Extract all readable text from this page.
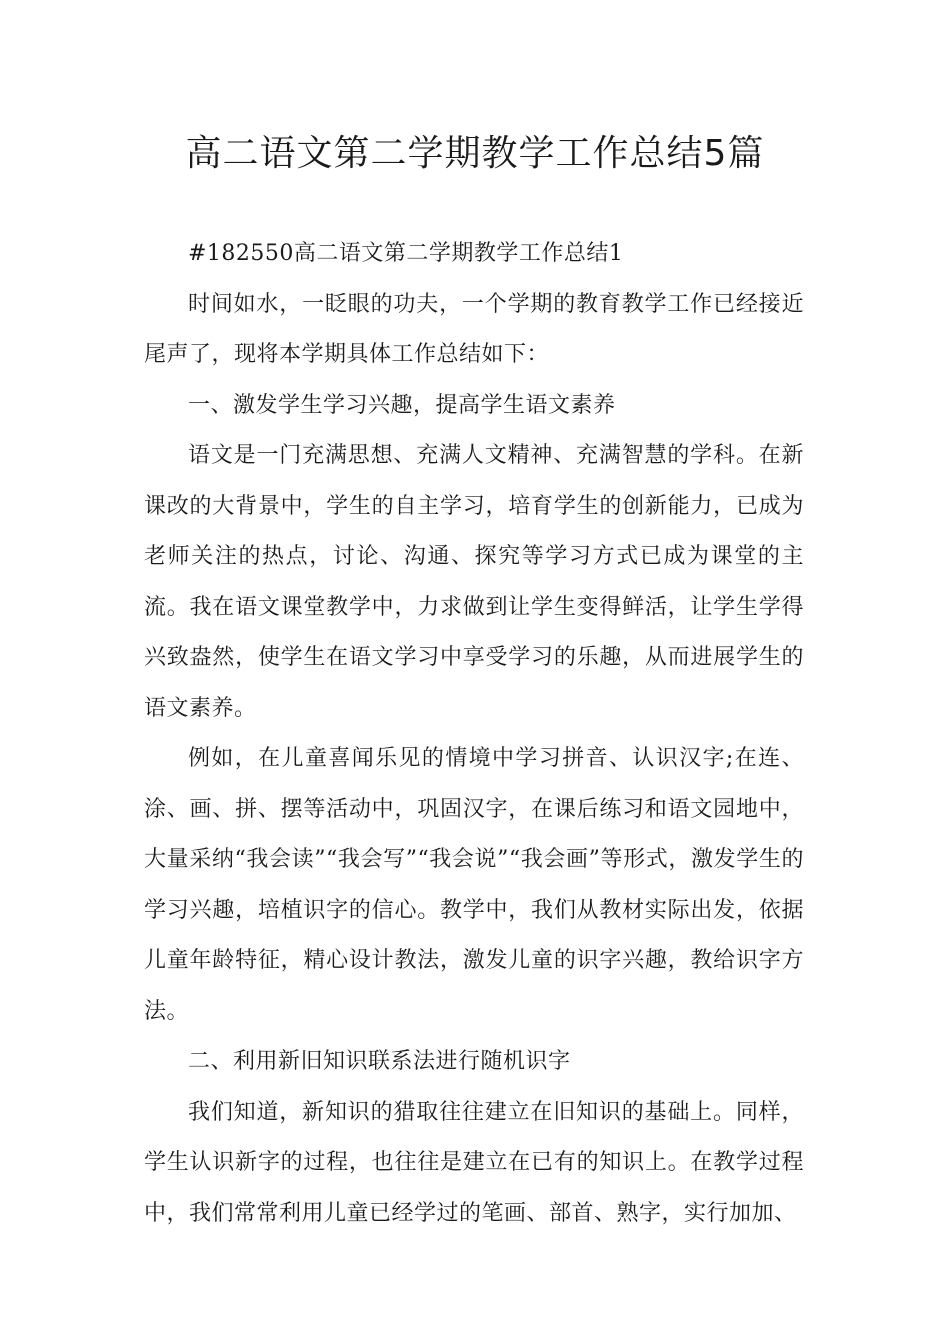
高二语文第二学期教学工作总结5篇

#182550高二语文第二学期教学工作总结1

时间如水，一眨眼的功夫，一个学期的教育教学工作已经接近尾声了，现将本学期具体工作总结如下：

一、激发学生学习兴趣，提高学生语文素养

语文是一门充满思想、充满人文精神、充满智慧的学科。在新课改的大背景中，学生的自主学习，培育学生的创新能力，已成为老师关注的热点，讨论、沟通、探究等学习方式已成为课堂的主流。我在语文课堂教学中，力求做到让学生变得鲜活，让学生学得兴致盎然，使学生在语文学习中享受学习的乐趣，从而进展学生的语文素养。

例如，在儿童喜闻乐见的情境中学习拼音、认识汉字;在连、涂、画、拼、摆等活动中，巩固汉字，在课后练习和语文园地中，大量采纳“我会读”“我会写”“我会说”“我会画”等形式，激发学生的学习兴趣，培植识字的信心。教学中，我们从教材实际出发，依据儿童年龄特征，精心设计教法，激发儿童的识字兴趣，教给识字方法。

二、利用新旧知识联系法进行随机识字

我们知道，新知识的猎取往往建立在旧知识的基础上。同样，学生认识新字的过程，也往往是建立在已有的知识上。在教学过程中，我们常常利用儿童已经学过的笔画、部首、熟字，实行加加、
